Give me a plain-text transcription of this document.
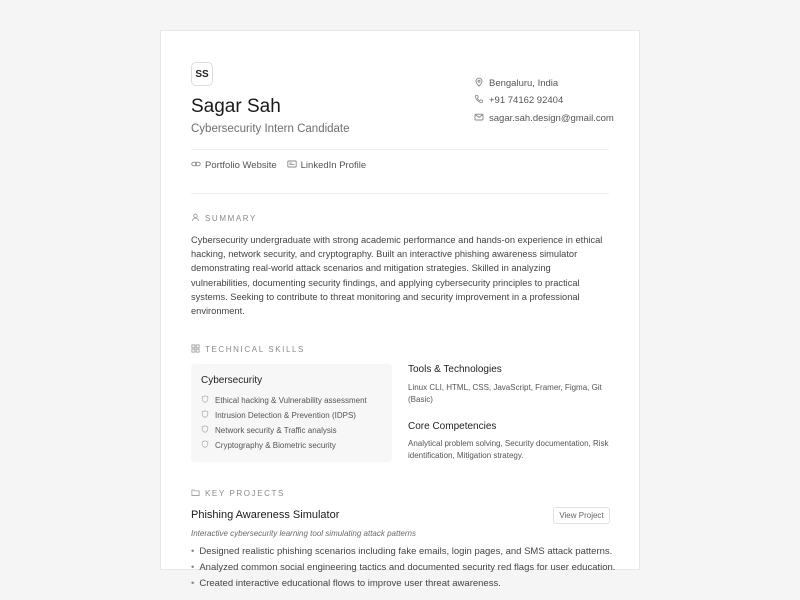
SS
Sagar Sah
Cybersecurity Intern Candidate
Bengaluru, India
+91 74162 92404
sagar.sah.design@gmail.com
Portfolio Website	LinkedIn Profile
SUMMARY
Cybersecurity undergraduate with strong academic performance and hands-on experience in ethical hacking, network security, and cryptography. Built an interactive phishing awareness simulator demonstrating real-world attack scenarios and mitigation strategies. Skilled in analyzing vulnerabilities, documenting security findings, and applying cybersecurity principles to practical systems. Seeking to contribute to threat monitoring and security improvement in a professional environment.
TECHNICAL SKILLS
Cybersecurity
Ethical hacking & Vulnerability assessment
Intrusion Detection & Prevention (IDPS)
Network security & Traffic analysis
Cryptography & Biometric security
Tools & Technologies
Linux CLI, HTML, CSS, JavaScript, Framer, Figma, Git (Basic)
Core Competencies
Analytical problem solving, Security documentation, Risk identification, Mitigation strategy.
KEY PROJECTS
Phishing Awareness Simulator	View Project
Interactive cybersecurity learning tool simulating attack patterns
• Designed realistic phishing scenarios including fake emails, login pages, and SMS attack patterns.
• Analyzed common social engineering tactics and documented security red flags for user education.
• Created interactive educational flows to improve user threat awareness.
